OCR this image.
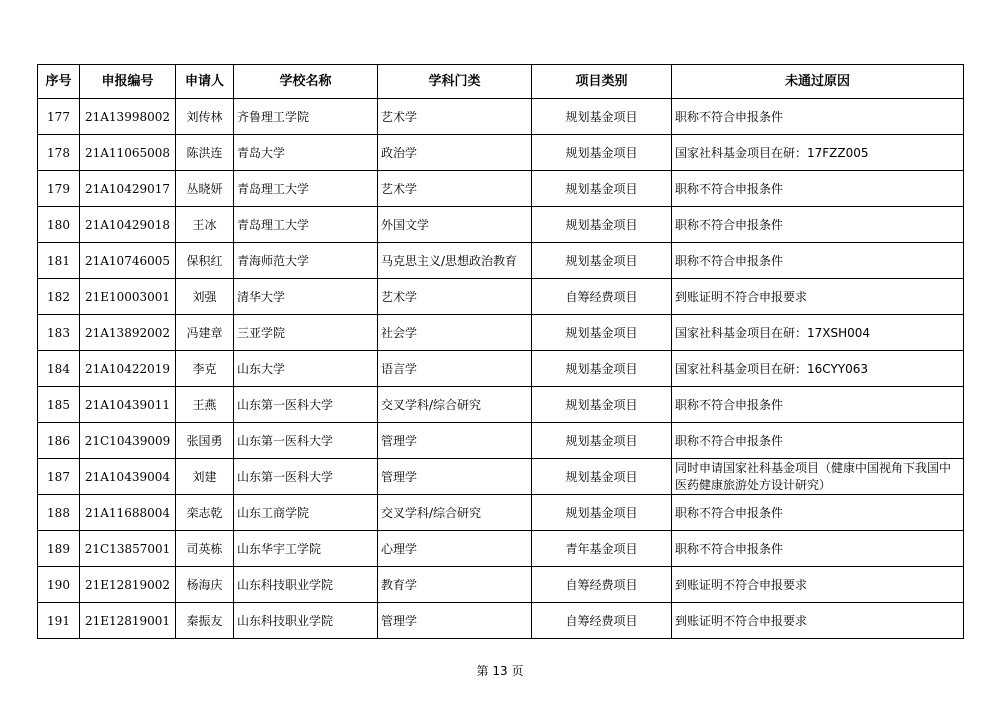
序号	申报编号	申请人	学校名称	学科门类	项目类别	未通过原因
177	21A13998002	刘传林	齐鲁理工学院	艺术学	规划基金项目	职称不符合申报条件
178	21A11065008	陈洪连	青岛大学	政治学	规划基金项目	国家社科基金项目在研：17FZZ005
179	21A10429017	丛晓妍	青岛理工大学	艺术学	规划基金项目	职称不符合申报条件
180	21A10429018	王冰	青岛理工大学	外国文学	规划基金项目	职称不符合申报条件
181	21A10746005	保积红	青海师范大学	马克思主义/思想政治教育	规划基金项目	职称不符合申报条件
182	21E10003001	刘强	清华大学	艺术学	自筹经费项目	到账证明不符合申报要求
183	21A13892002	冯建章	三亚学院	社会学	规划基金项目	国家社科基金项目在研：17XSH004
184	21A10422019	李克	山东大学	语言学	规划基金项目	国家社科基金项目在研：16CYY063
185	21A10439011	王燕	山东第一医科大学	交叉学科/综合研究	规划基金项目	职称不符合申报条件
186	21C10439009	张国勇	山东第一医科大学	管理学	规划基金项目	职称不符合申报条件
187	21A10439004	刘建	山东第一医科大学	管理学	规划基金项目	同时申请国家社科基金项目（健康中国视角下我国中医药健康旅游处方设计研究）
188	21A11688004	栾志乾	山东工商学院	交叉学科/综合研究	规划基金项目	职称不符合申报条件
189	21C13857001	司英栋	山东华宇工学院	心理学	青年基金项目	职称不符合申报条件
190	21E12819002	杨海庆	山东科技职业学院	教育学	自筹经费项目	到账证明不符合申报要求
191	21E12819001	秦振友	山东科技职业学院	管理学	自筹经费项目	到账证明不符合申报要求
第 13 页
